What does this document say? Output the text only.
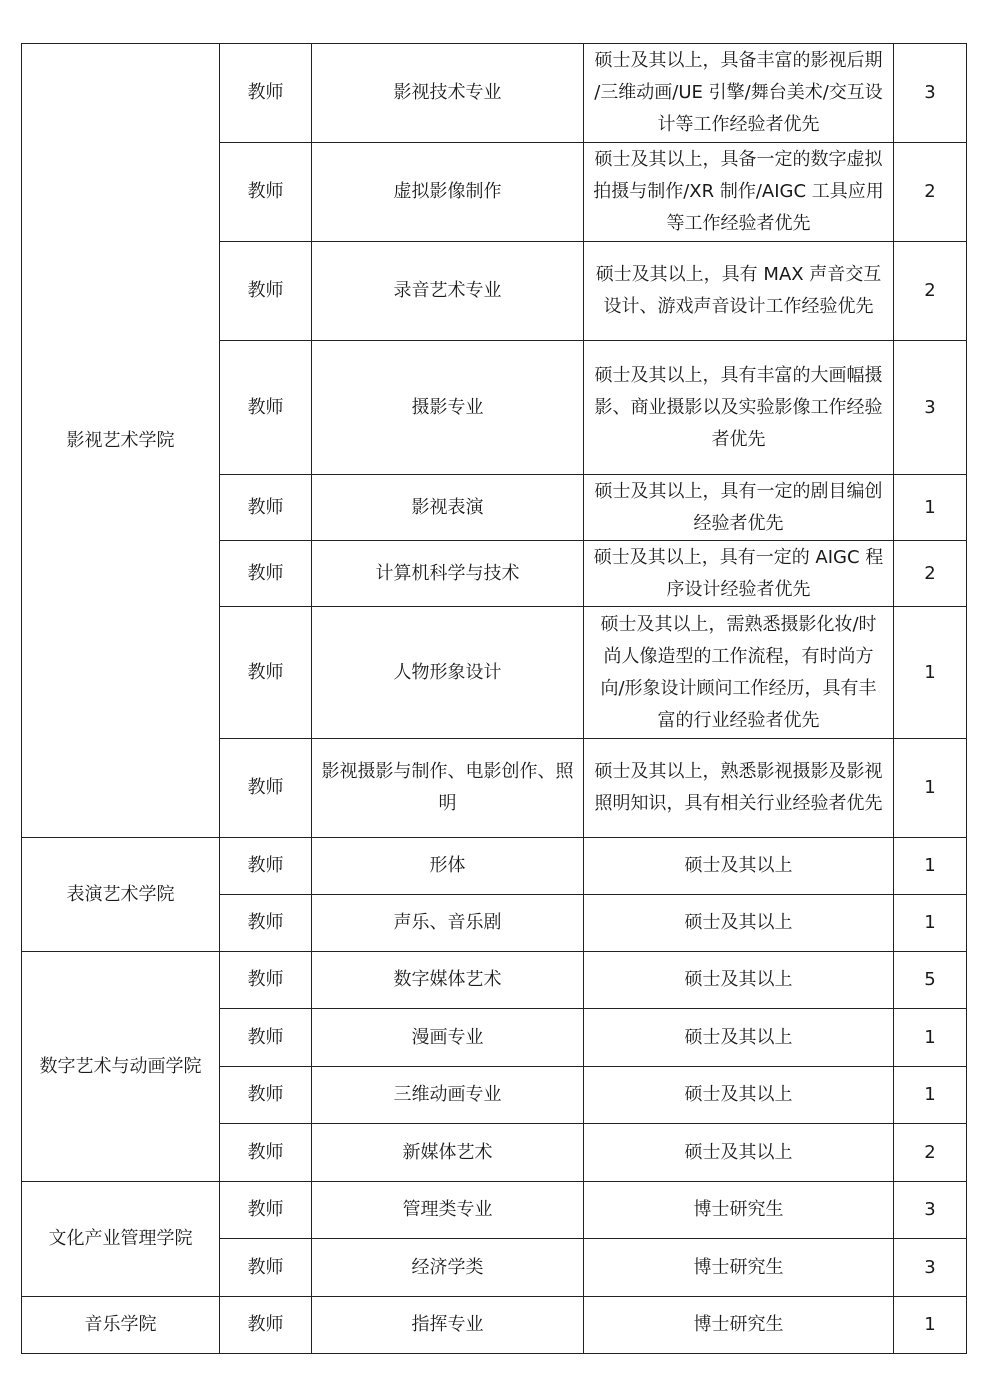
影视艺术学院	教师	影视技术专业	硕士及其以上，具备丰富的影视后期 /三维动画/UE 引擎/舞台美术/交互设计等工作经验者优先	3
	教师	虚拟影像制作	硕士及其以上，具备一定的数字虚拟拍摄与制作/XR 制作/AIGC 工具应用等工作经验者优先	2
	教师	录音艺术专业	硕士及其以上，具有 MAX 声音交互设计、游戏声音设计工作经验优先	2
	教师	摄影专业	硕士及其以上，具有丰富的大画幅摄影、商业摄影以及实验影像工作经验者优先	3
	教师	影视表演	硕士及其以上，具有一定的剧目编创经验者优先	1
	教师	计算机科学与技术	硕士及其以上，具有一定的 AIGC 程序设计经验者优先	2
	教师	人物形象设计	硕士及其以上，需熟悉摄影化妆/时尚人像造型的工作流程，有时尚方向/形象设计顾问工作经历，具有丰富的行业经验者优先	1
	教师	影视摄影与制作、电影创作、照明	硕士及其以上，熟悉影视摄影及影视照明知识，具有相关行业经验者优先	1
表演艺术学院	教师	形体	硕士及其以上	1
	教师	声乐、音乐剧	硕士及其以上	1
数字艺术与动画学院	教师	数字媒体艺术	硕士及其以上	5
	教师	漫画专业	硕士及其以上	1
	教师	三维动画专业	硕士及其以上	1
	教师	新媒体艺术	硕士及其以上	2
文化产业管理学院	教师	管理类专业	博士研究生	3
	教师	经济学类	博士研究生	3
音乐学院	教师	指挥专业	博士研究生	1
